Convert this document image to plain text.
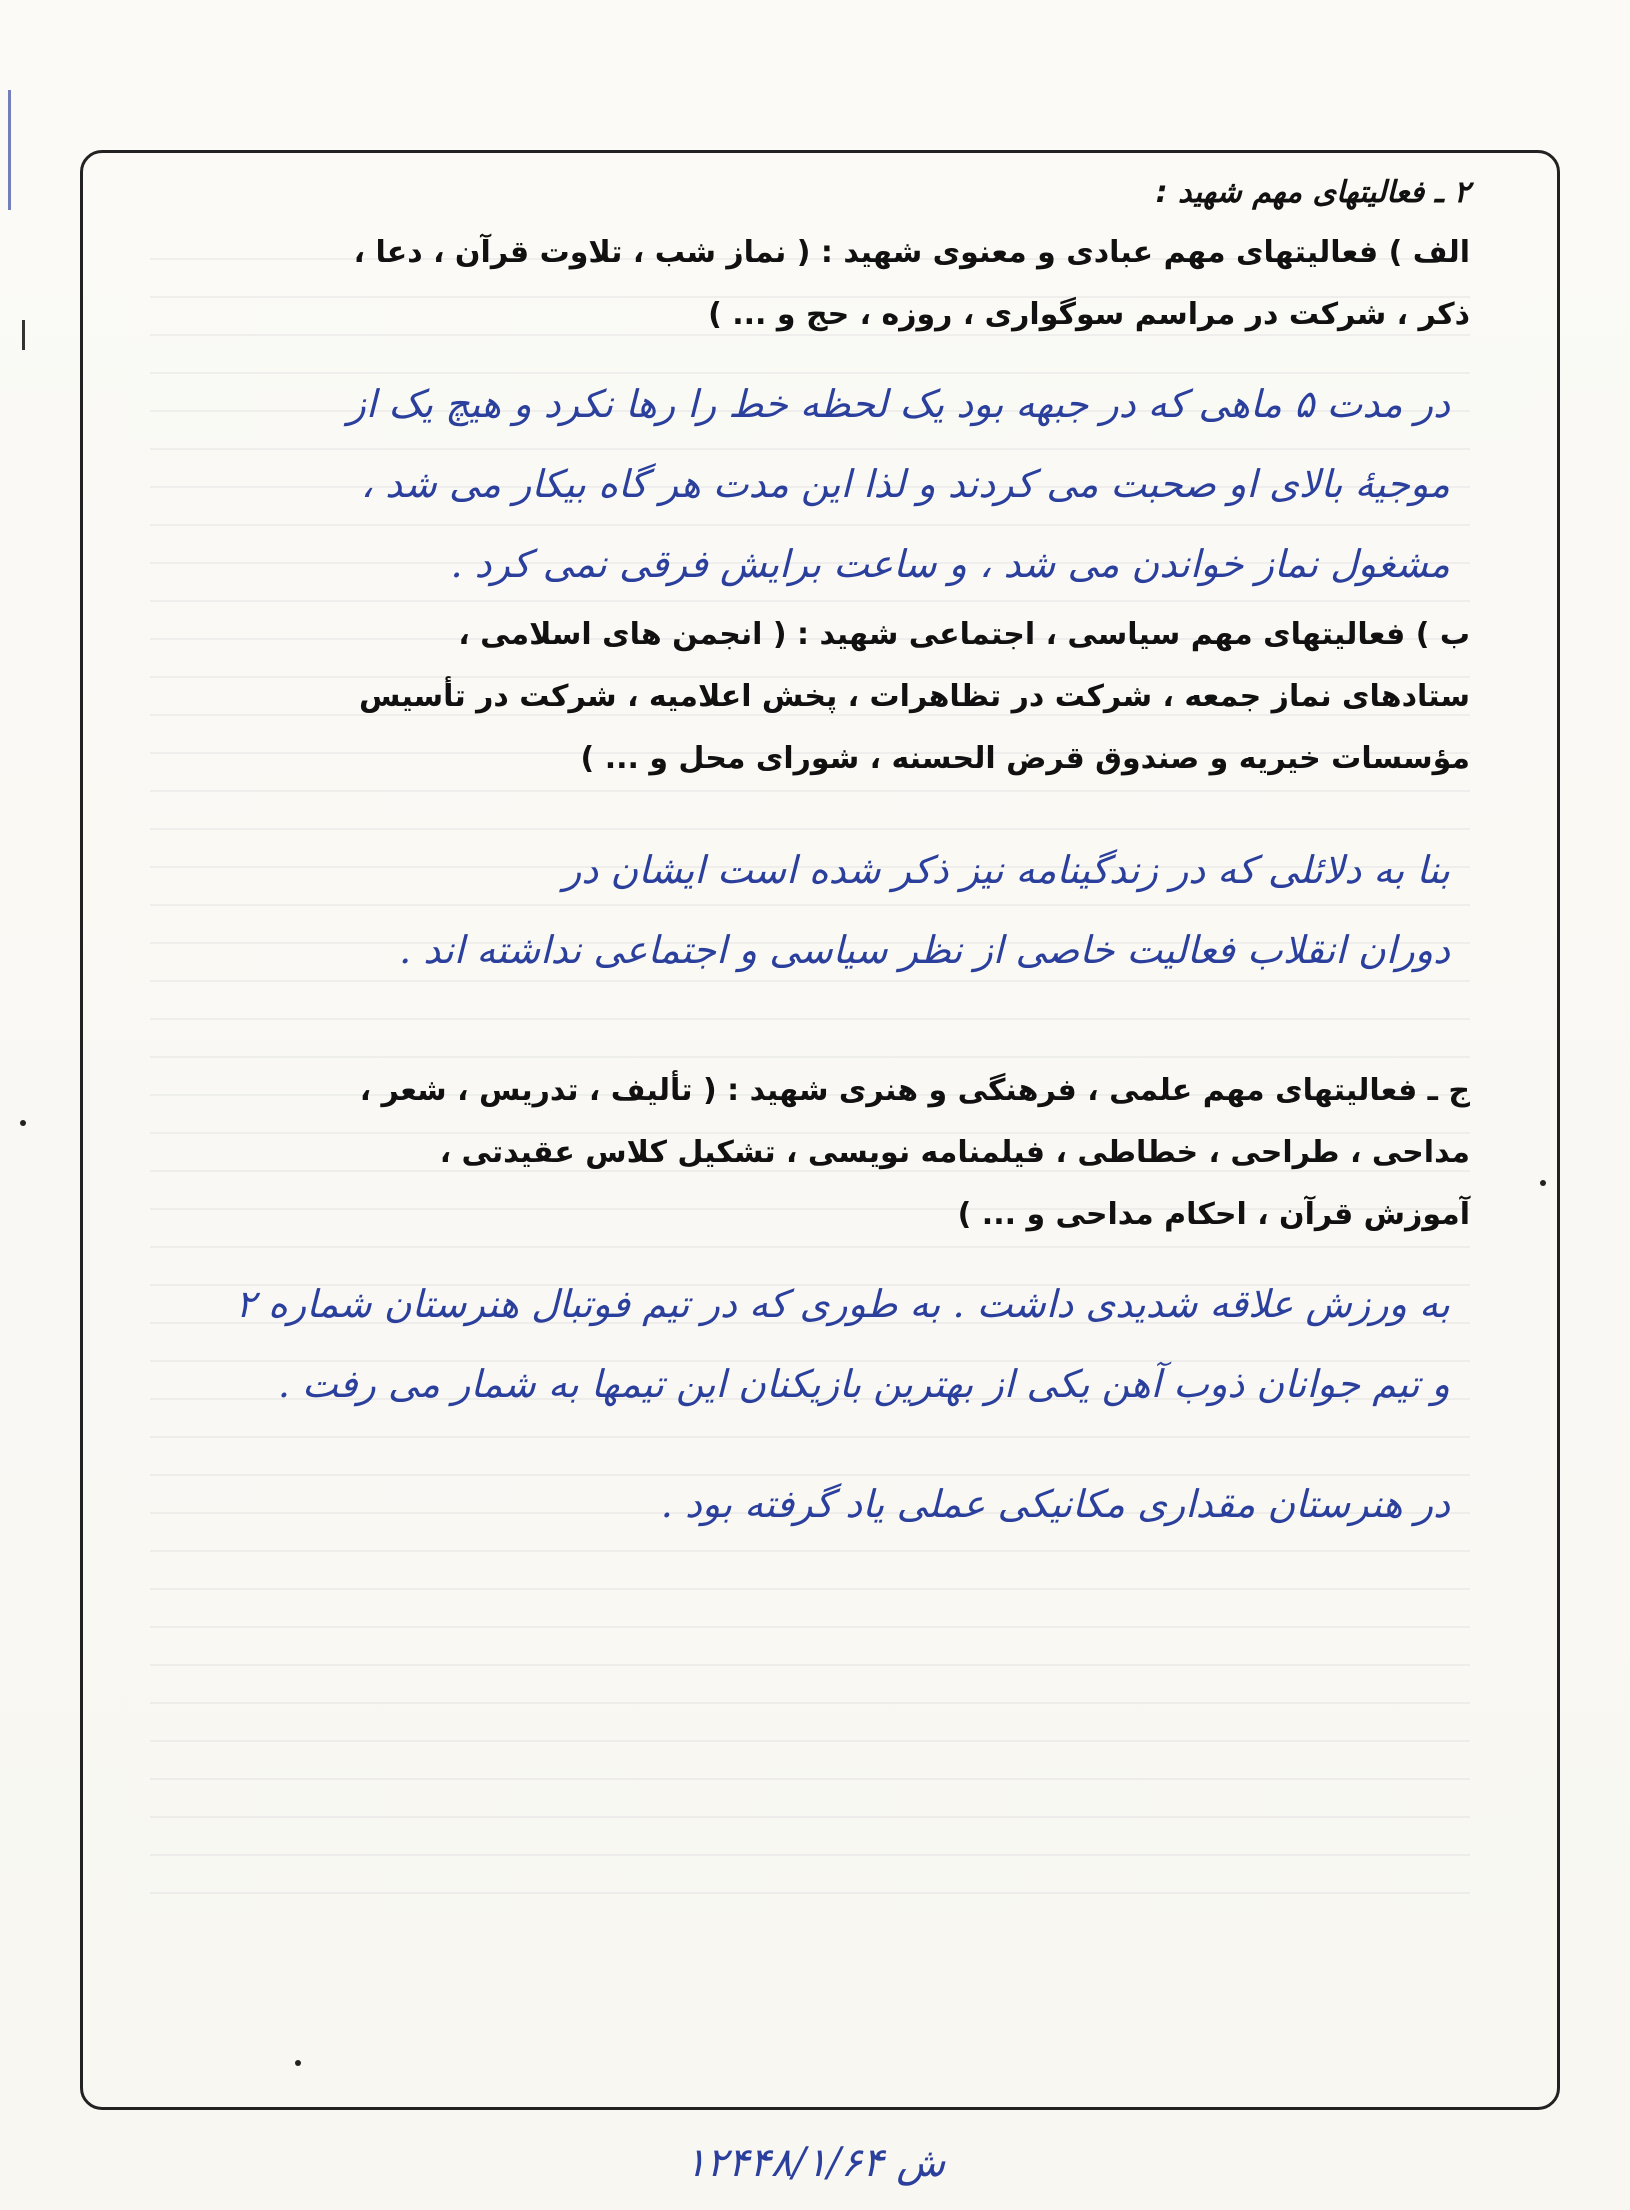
۲ ـ فعالیتهای مهم شهید :

الف ) فعالیتهای مهم عبادی و معنوی شهید : ( نماز شب ، تلاوت قرآن ، دعا ،

ذکر ، شرکت در مراسم سوگواری ، روزه ، حج و ... )

در مدت ۵ ماهی که در جبهه بود یک لحظه خط را رها نکرد و هیچ یک از

موجیهٔ بالای او صحبت می کردند و لذا این مدت هر گاه بیکار می شد ،

مشغول نماز خواندن می شد ، و ساعت برایش فرقی نمی کرد .

ب ) فعالیتهای مهم سیاسی ، اجتماعی شهید : ( انجمن های اسلامی ،

ستادهای نماز جمعه ، شرکت در تظاهرات ، پخش اعلامیه ، شرکت در تأسیس

مؤسسات خیریه و صندوق قرض الحسنه ، شورای محل و ... )

بنا به دلائلی که در زندگینامه نیز ذکر شده است ایشان در

دوران انقلاب فعالیت خاصی از نظر سیاسی و اجتماعی نداشته اند .

ج ـ فعالیتهای مهم علمی ، فرهنگی و هنری شهید : ( تألیف ، تدریس ، شعر ،

مداحی ، طراحی ، خطاطی ، فیلمنامه نویسی ، تشکیل کلاس عقیدتی ،

آموزش قرآن ، احکام مداحی و ... )

به ورزش علاقه شدیدی داشت . به طوری که در تیم فوتبال هنرستان شماره ۲

و تیم جوانان ذوب آهن یکی از بهترین بازیکنان این تیمها به شمار می رفت .

در هنرستان مقداری مکانیکی عملی یاد گرفته بود .

ش ۱۲۴۴۸/۱/۶۴
